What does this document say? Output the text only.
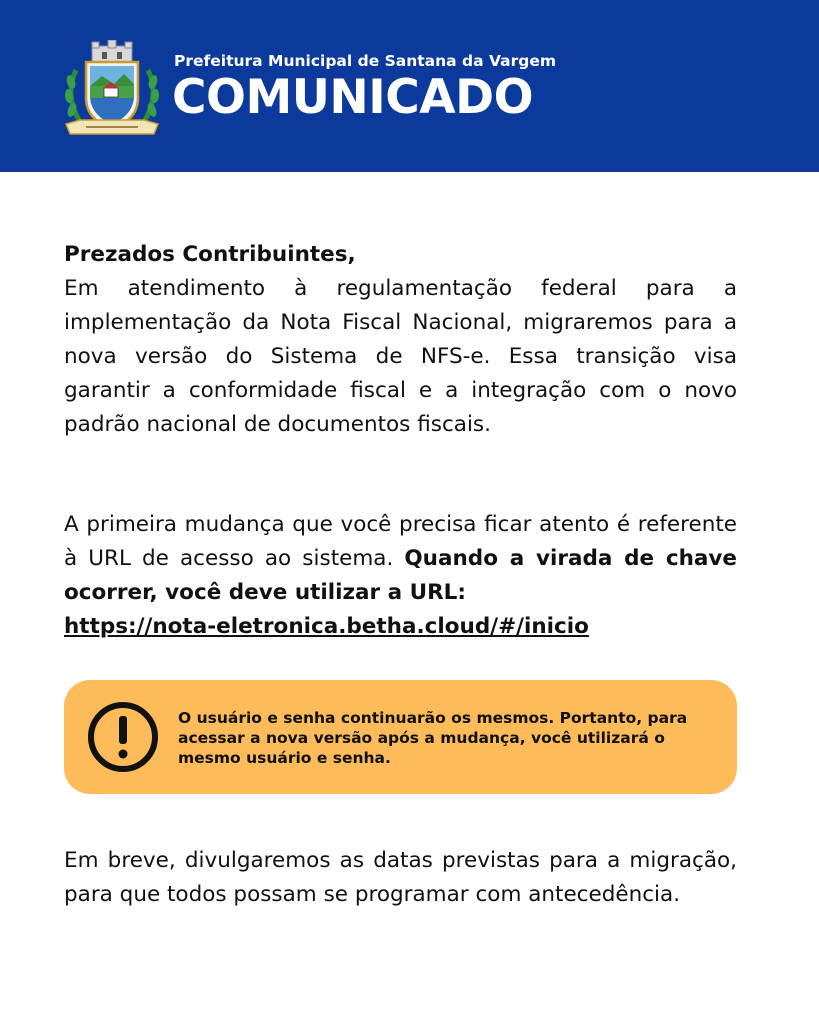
Prefeitura Municipal de Santana da Vargem
COMUNICADO
Prezados Contribuintes,
Em atendimento à regulamentação federal para a implementação da Nota Fiscal Nacional, migraremos para a nova versão do Sistema de NFS-e. Essa transição visa garantir a conformidade fiscal e a integração com o novo padrão nacional de documentos fiscais.
A primeira mudança que você precisa ficar atento é referente à URL de acesso ao sistema. Quando a virada de chave ocorrer, você deve utilizar a URL:
https://nota-eletronica.betha.cloud/#/inicio
O usuário e senha continuarão os mesmos. Portanto, para acessar a nova versão após a mudança, você utilizará o mesmo usuário e senha.
Em breve, divulgaremos as datas previstas para a migração, para que todos possam se programar com antecedência.
